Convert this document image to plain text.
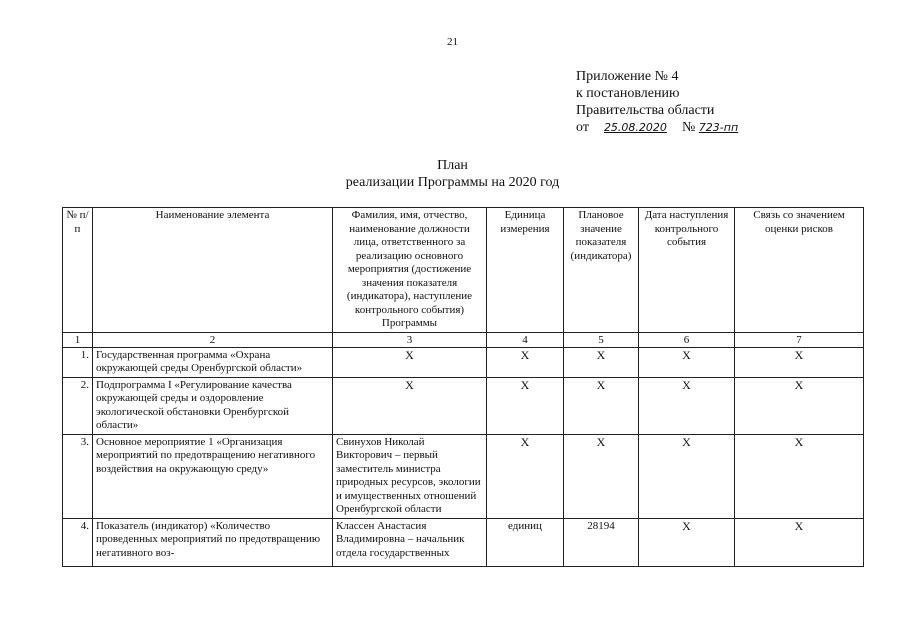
21
Приложение № 4
к постановлению
Правительства области
от 25.08.2020 № 723-пп
План
реализации Программы на 2020 год
№ п/п	Наименование элемента	Фамилия, имя, отчество, наименование должности лица, ответственного за реализацию основного мероприятия (достижение значения показателя (индикатора), наступление контрольного события) Программы	Единица измерения	Плановое значение показателя (индикатора)	Дата наступления контрольного события	Связь со значением оценки рисков
1	2	3	4	5	6	7
1.	Государственная программа «Охрана окружающей среды Оренбургской области»	X	X	X	X	X
2.	Подпрограмма I «Регулирование качества окружающей среды и оздоровление экологической обстановки Оренбургской области»	X	X	X	X	X
3.	Основное мероприятие 1 «Организация мероприятий по предотвращению негативного воздействия на окружающую среду»	Свинухов Николай Викторович – первый заместитель министра природных ресурсов, экологии и имущественных отношений Оренбургской области	X	X	X	X
4.	Показатель (индикатор) «Количество проведенных мероприятий по предотвращению негативного воз-	Классен Анастасия Владимировна – начальник отдела государственных	единиц	28194	X	X
